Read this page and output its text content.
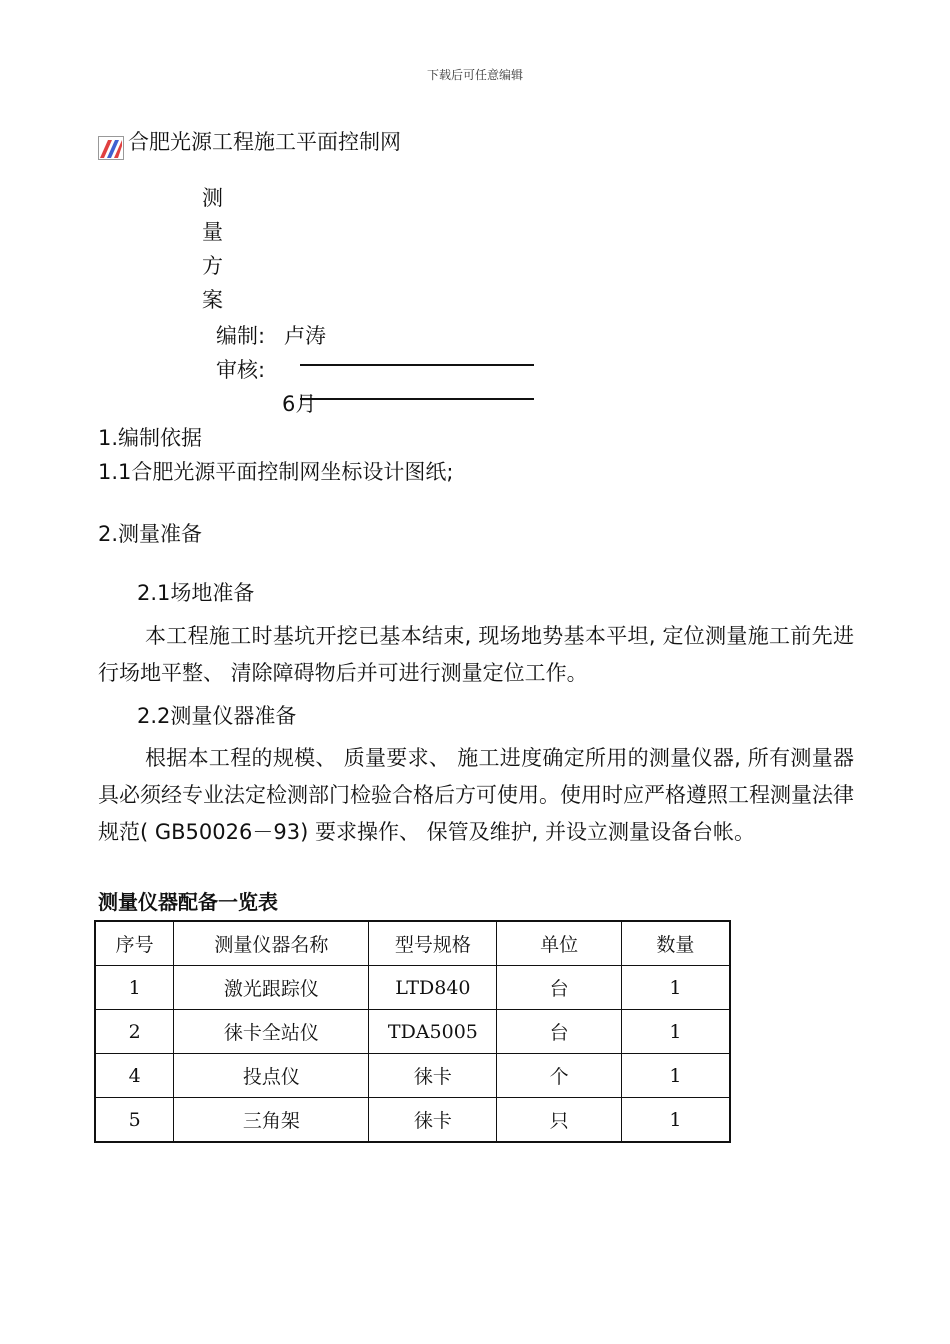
下载后可任意编辑
合肥光源工程施工平面控制网
测
量
方
案
编制: 卢涛
审核:
6月
1.编制依据
1.1合肥光源平面控制网坐标设计图纸;
2.测量准备
2.1场地准备
本工程施工时基坑开挖已基本结束, 现场地势基本平坦, 定位测量施工前先进行场地平整、 清除障碍物后并可进行测量定位工作。
2.2测量仪器准备
根据本工程的规模、 质量要求、 施工进度确定所用的测量仪器, 所有测量器具必须经专业法定检测部门检验合格后方可使用。使用时应严格遵照工程测量法律规范( GB50026－93) 要求操作、 保管及维护, 并设立测量设备台帐。
测量仪器配备一览表
序号	测量仪器名称	型号规格	单位	数量
1	激光跟踪仪	LTD840	台	1
2	徕卡全站仪	TDA5005	台	1
4	投点仪	徕卡	个	1
5	三角架	徕卡	只	1
